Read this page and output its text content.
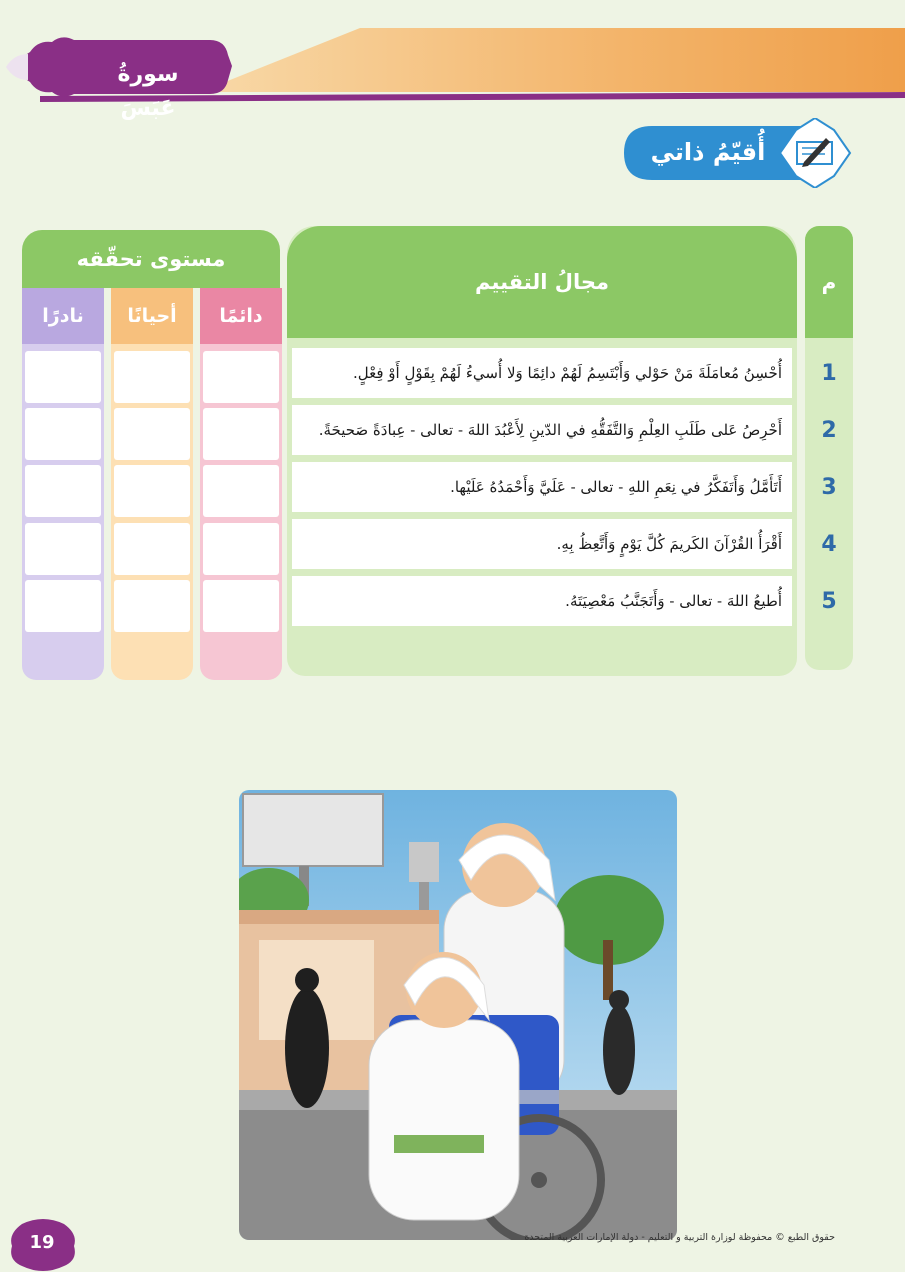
سورةُ عَبَسَ
أُقيّمُ ذاتي
م
مجالُ التقييم
مستوى تحقّقه
دائمًا
أحيانًا
نادرًا
1
أُحْسِنُ مُعامَلَةَ مَنْ حَوْلي وَأَبْتَسِمُ لَهُمْ دائِمًا وَلا أُسيءُ لَهُمْ بِقَوْلٍ أَوْ فِعْلٍ.
2
أَحْرِصُ عَلى طَلَبِ العِلْمِ وَالتَّفَقُّهِ في الدّينِ لِأَعْبُدَ اللهَ - تعالى - عِبادَةً صَحيحَةً.
3
أَتَأَمَّلُ وَأَتَفَكَّرُ في نِعَمِ اللهِ - تعالى - عَلَيَّ وَأَحْمَدُهُ عَلَيْها.
4
أَقْرَأُ القُرْآنَ الكَريمَ كُلَّ يَوْمٍ وَأَتَّعِظُ بِهِ.
5
أُطيعُ اللهَ - تعالى - وَأَتَجَنَّبُ مَعْصِيَتَهُ.
حقوق الطبع © محفوظة لوزارة التربية و التعليم - دولة الإمارات العربية المتحدة
19
